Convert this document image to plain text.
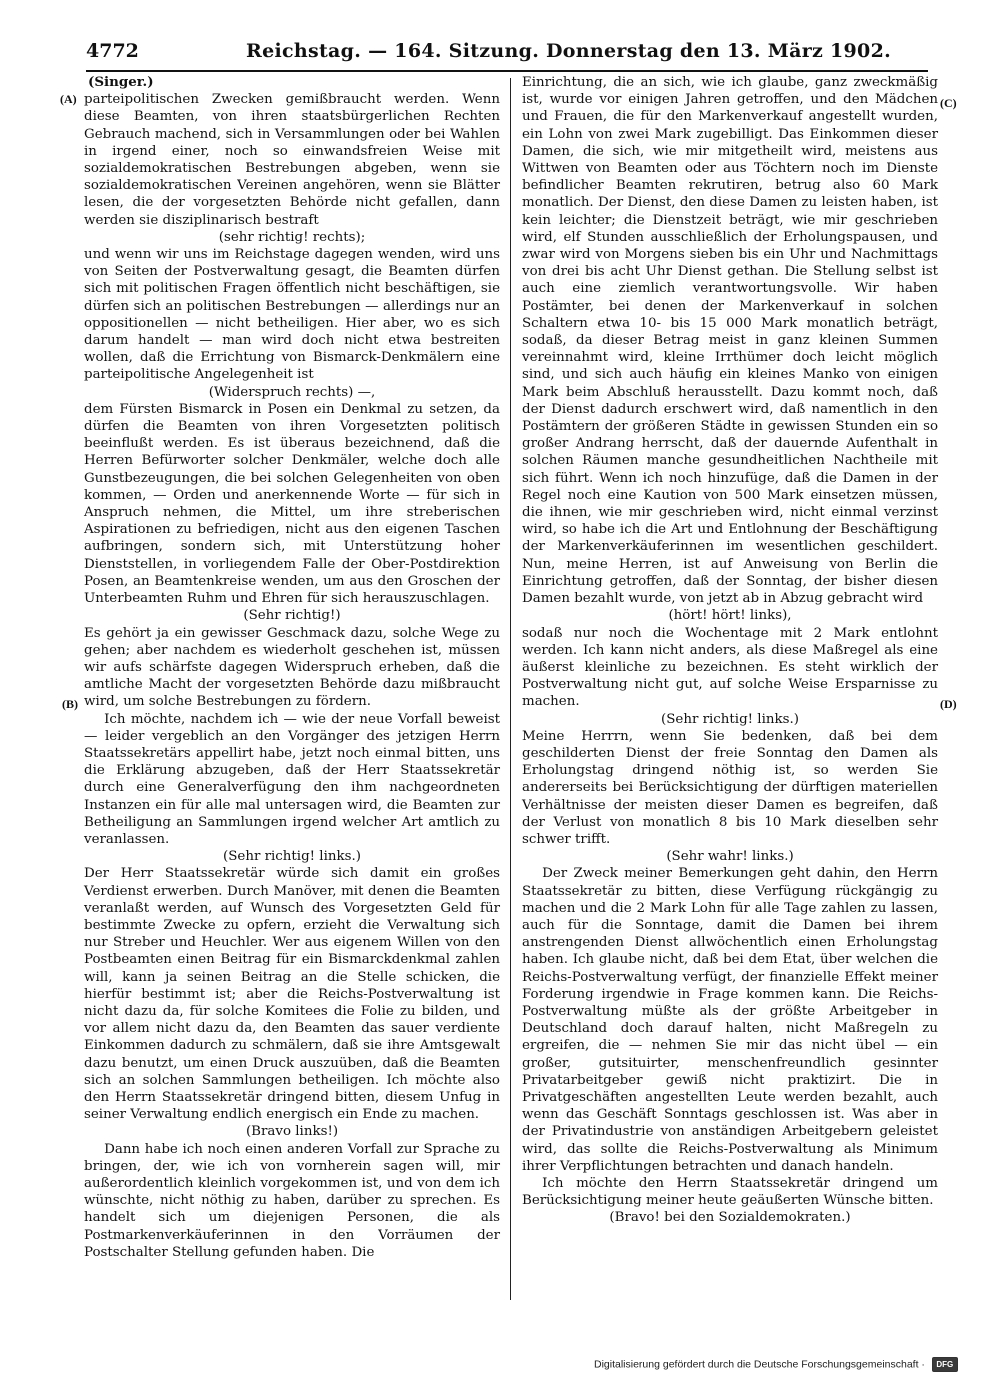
4772	Reichstag. — 164. Sitzung. Donnerstag den 13. März 1902.
(A)
(B)
(C)
(D)

(Singer.)

parteipolitischen Zwecken gemißbraucht werden. Wenn diese Beamten, von ihren staatsbürgerlichen Rechten Gebrauch machend, sich in Versammlungen oder bei Wahlen in irgend einer, noch so einwandsfreien Weise mit sozialdemokratischen Bestrebungen abgeben, wenn sie sozialdemokratischen Vereinen angehören, wenn sie Blätter lesen, die der vorgesetzten Behörde nicht gefallen, dann werden sie disziplinarisch bestraft

(sehr richtig! rechts);

und wenn wir uns im Reichstage dagegen wenden, wird uns von Seiten der Postverwaltung gesagt, die Beamten dürfen sich mit politischen Fragen öffentlich nicht beschäftigen, sie dürfen sich an politischen Bestrebungen — allerdings nur an oppositionellen — nicht betheiligen. Hier aber, wo es sich darum handelt — man wird doch nicht etwa bestreiten wollen, daß die Errichtung von Bismarck-Denkmälern eine parteipolitische Angelegenheit ist

(Widerspruch rechts) —,

dem Fürsten Bismarck in Posen ein Denkmal zu setzen, da dürfen die Beamten von ihren Vorgesetzten politisch beeinflußt werden. Es ist überaus bezeichnend, daß die Herren Befürworter solcher Denkmäler, welche doch alle Gunstbezeugungen, die bei solchen Gelegenheiten von oben kommen, — Orden und anerkennende Worte — für sich in Anspruch nehmen, die Mittel, um ihre streberischen Aspirationen zu befriedigen, nicht aus den eigenen Taschen aufbringen, sondern sich, mit Unterstützung hoher Dienststellen, in vorliegendem Falle der Ober-Postdirektion Posen, an Beamtenkreise wenden, um aus den Groschen der Unterbeamten Ruhm und Ehren für sich herauszuschlagen.

(Sehr richtig!)

Es gehört ja ein gewisser Geschmack dazu, solche Wege zu gehen; aber nachdem es wiederholt geschehen ist, müssen wir aufs schärfste dagegen Widerspruch erheben, daß die amtliche Macht der vorgesetzten Behörde dazu mißbraucht wird, um solche Bestrebungen zu fördern.

Ich möchte, nachdem ich — wie der neue Vorfall beweist — leider vergeblich an den Vorgänger des jetzigen Herrn Staatssekretärs appellirt habe, jetzt noch einmal bitten, uns die Erklärung abzugeben, daß der Herr Staatssekretär durch eine Generalverfügung den ihm nachgeordneten Instanzen ein für alle mal untersagen wird, die Beamten zur Betheiligung an Sammlungen irgend welcher Art amtlich zu veranlassen.

(Sehr richtig! links.)

Der Herr Staatssekretär würde sich damit ein großes Verdienst erwerben. Durch Manöver, mit denen die Beamten veranlaßt werden, auf Wunsch des Vorgesetzten Geld für bestimmte Zwecke zu opfern, erzieht die Verwaltung sich nur Streber und Heuchler. Wer aus eigenem Willen von den Postbeamten einen Beitrag für ein Bismarckdenkmal zahlen will, kann ja seinen Beitrag an die Stelle schicken, die hierfür bestimmt ist; aber die Reichs-Postverwaltung ist nicht dazu da, für solche Komitees die Folie zu bilden, und vor allem nicht dazu da, den Beamten das sauer verdiente Einkommen dadurch zu schmälern, daß sie ihre Amtsgewalt dazu benutzt, um einen Druck auszuüben, daß die Beamten sich an solchen Sammlungen betheiligen. Ich möchte also den Herrn Staatssekretär dringend bitten, diesem Unfug in seiner Verwaltung endlich energisch ein Ende zu machen.

(Bravo links!)

Dann habe ich noch einen anderen Vorfall zur Sprache zu bringen, der, wie ich von vornherein sagen will, mir außerordentlich kleinlich vorgekommen ist, und von dem ich wünschte, nicht nöthig zu haben, darüber zu sprechen. Es handelt sich um diejenigen Personen, die als Postmarkenverkäuferinnen in den Vorräumen der Postschalter Stellung gefunden haben. Die

Einrichtung, die an sich, wie ich glaube, ganz zweckmäßig ist, wurde vor einigen Jahren getroffen, und den Mädchen und Frauen, die für den Markenverkauf angestellt wurden, ein Lohn von zwei Mark zugebilligt. Das Einkommen dieser Damen, die sich, wie mir mitgetheilt wird, meistens aus Wittwen von Beamten oder aus Töchtern noch im Dienste befindlicher Beamten rekrutiren, betrug also 60 Mark monatlich. Der Dienst, den diese Damen zu leisten haben, ist kein leichter; die Dienstzeit beträgt, wie mir geschrieben wird, elf Stunden ausschließlich der Erholungspausen, und zwar wird von Morgens sieben bis ein Uhr und Nachmittags von drei bis acht Uhr Dienst gethan. Die Stellung selbst ist auch eine ziemlich verantwortungsvolle. Wir haben Postämter, bei denen der Markenverkauf in solchen Schaltern etwa 10- bis 15 000 Mark monatlich beträgt, sodaß, da dieser Betrag meist in ganz kleinen Summen vereinnahmt wird, kleine Irrthümer doch leicht möglich sind, und sich auch häufig ein kleines Manko von einigen Mark beim Abschluß herausstellt. Dazu kommt noch, daß der Dienst dadurch erschwert wird, daß namentlich in den Postämtern der größeren Städte in gewissen Stunden ein so großer Andrang herrscht, daß der dauernde Aufenthalt in solchen Räumen manche gesundheitlichen Nachtheile mit sich führt. Wenn ich noch hinzufüge, daß die Damen in der Regel noch eine Kaution von 500 Mark einsetzen müssen, die ihnen, wie mir geschrieben wird, nicht einmal verzinst wird, so habe ich die Art und Entlohnung der Beschäftigung der Markenverkäuferinnen im wesentlichen geschildert. Nun, meine Herren, ist auf Anweisung von Berlin die Einrichtung getroffen, daß der Sonntag, der bisher diesen Damen bezahlt wurde, von jetzt ab in Abzug gebracht wird

(hört! hört! links),

sodaß nur noch die Wochentage mit 2 Mark entlohnt werden. Ich kann nicht anders, als diese Maßregel als eine äußerst kleinliche zu bezeichnen. Es steht wirklich der Postverwaltung nicht gut, auf solche Weise Ersparnisse zu machen.

(Sehr richtig! links.)

Meine Herrrn, wenn Sie bedenken, daß bei dem geschilderten Dienst der freie Sonntag den Damen als Erholungstag dringend nöthig ist, so werden Sie andererseits bei Berücksichtigung der dürftigen materiellen Verhältnisse der meisten dieser Damen es begreifen, daß der Verlust von monatlich 8 bis 10 Mark dieselben sehr schwer trifft.

(Sehr wahr! links.)

Der Zweck meiner Bemerkungen geht dahin, den Herrn Staatssekretär zu bitten, diese Verfügung rückgängig zu machen und die 2 Mark Lohn für alle Tage zahlen zu lassen, auch für die Sonntage, damit die Damen bei ihrem anstrengenden Dienst allwöchentlich einen Erholungstag haben. Ich glaube nicht, daß bei dem Etat, über welchen die Reichs-Postverwaltung verfügt, der finanzielle Effekt meiner Forderung irgendwie in Frage kommen kann. Die Reichs-Postverwaltung müßte als der größte Arbeitgeber in Deutschland doch darauf halten, nicht Maßregeln zu ergreifen, die — nehmen Sie mir das nicht übel — ein großer, gutsituirter, menschenfreundlich gesinnter Privatarbeitgeber gewiß nicht praktizirt. Die in Privatgeschäften angestellten Leute werden bezahlt, auch wenn das Geschäft Sonntags geschlossen ist. Was aber in der Privatindustrie von anständigen Arbeitgebern geleistet wird, das sollte die Reichs-Postverwaltung als Minimum ihrer Verpflichtungen betrachten und danach handeln.

Ich möchte den Herrn Staatssekretär dringend um Berücksichtigung meiner heute geäußerten Wünsche bitten.

(Bravo! bei den Sozialdemokraten.)

Digitalisierung gefördert durch die Deutsche Forschungsgemeinschaft · DFG
